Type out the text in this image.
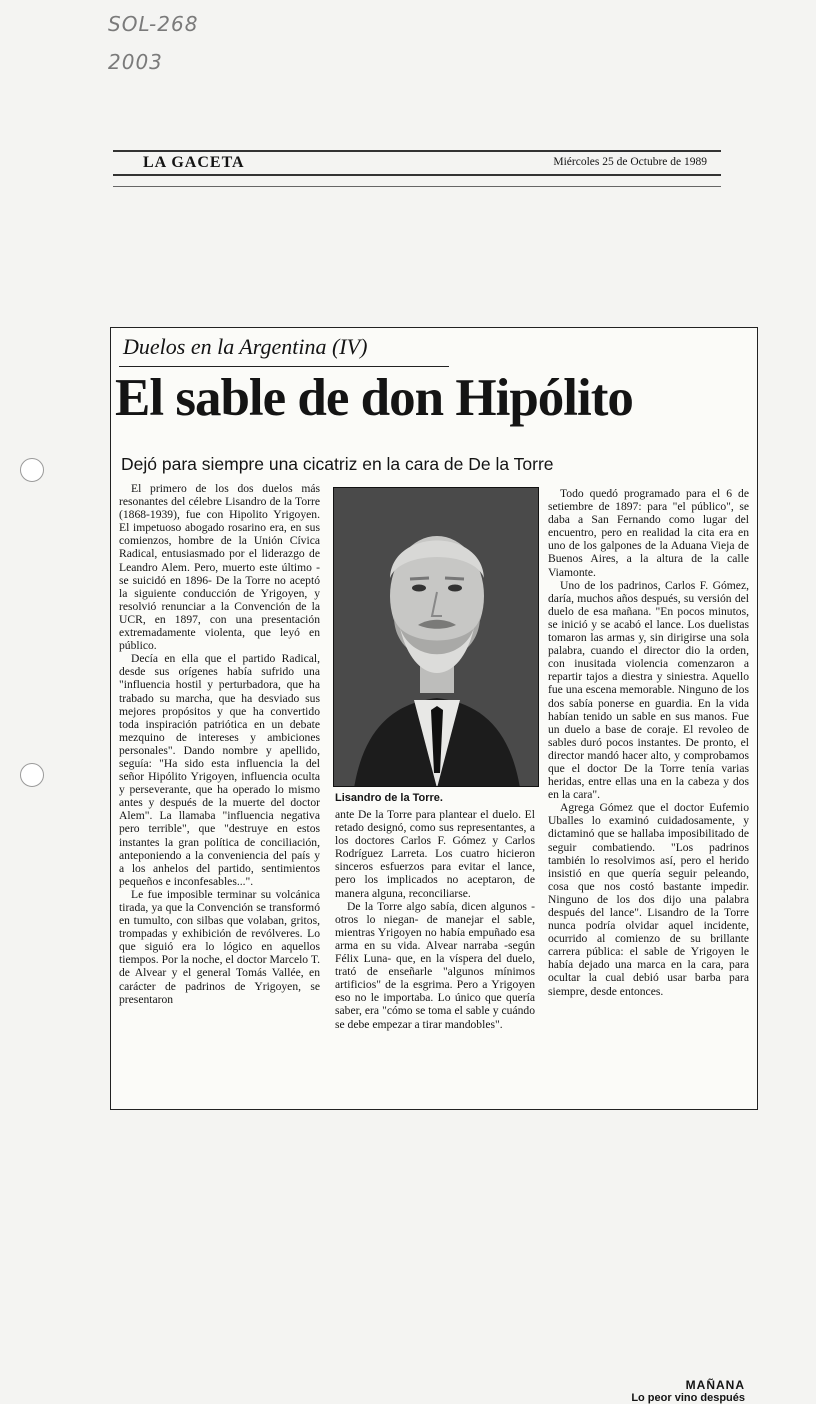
SOL-268
2003
LA GACETA	Miércoles 25 de Octubre de 1989
Duelos en la Argentina (IV)
El sable de don Hipólito
Dejó para siempre una cicatriz en la cara de De la Torre

El primero de los dos duelos más resonantes del célebre Lisandro de la Torre (1868-1939), fue con Hipolito Yrigoyen. El impetuoso abogado rosarino era, en sus comienzos, hombre de la Unión Cívica Radical, entusiasmado por el liderazgo de Leandro Alem. Pero, muerto este último -se suicidó en 1896- De la Torre no aceptó la siguiente conducción de Yrigoyen, y resolvió renunciar a la Convención de la UCR, en 1897, con una presentación extremadamente violenta, que leyó en público.

Decía en ella que el partido Radical, desde sus orígenes había sufrido una "influencia hostil y perturbadora, que ha trabado su marcha, que ha desviado sus mejores propósitos y que ha convertido toda inspiración patriótica en un debate mezquino de intereses y ambiciones personales". Dando nombre y apellido, seguía: "Ha sido esta influencia la del señor Hipólito Yrigoyen, influencia oculta y perseverante, que ha operado lo mismo antes y después de la muerte del doctor Alem". La llamaba "influencia negativa pero terrible", que "destruye en estos instantes la gran política de conciliación, anteponiendo a la conveniencia del país y a los anhelos del partido, sentimientos pequeños e inconfesables...".

Le fue imposible terminar su volcánica tirada, ya que la Convención se transformó en tumulto, con silbas que volaban, gritos, trompadas y exhibición de revólveres. Lo que siguió era lo lógico en aquellos tiempos. Por la noche, el doctor Marcelo T. de Alvear y el general Tomás Vallée, en carácter de padrinos de Yrigoyen, se presentaron

Lisandro de la Torre.

ante De la Torre para plantear el duelo. El retado designó, como sus representantes, a los doctores Carlos F. Gómez y Carlos Rodríguez Larreta. Los cuatro hicieron sinceros esfuerzos para evitar el lance, pero los implicados no aceptaron, de manera alguna, reconciliarse.

De la Torre algo sabía, dicen algunos -otros lo niegan- de manejar el sable, mientras Yrigoyen no había empuñado esa arma en su vida. Alvear narraba -según Félix Luna- que, en la víspera del duelo, trató de enseñarle "algunos mínimos artificios" de la esgrima. Pero a Yrigoyen eso no le importaba. Lo único que quería saber, era "cómo se toma el sable y cuándo se debe empezar a tirar mandobles".

Todo quedó programado para el 6 de setiembre de 1897: para "el público", se daba a San Fernando como lugar del encuentro, pero en realidad la cita era en uno de los galpones de la Aduana Vieja de Buenos Aires, a la altura de la calle Viamonte.

Uno de los padrinos, Carlos F. Gómez, daría, muchos años después, su versión del duelo de esa mañana. "En pocos minutos, se inició y se acabó el lance. Los duelistas tomaron las armas y, sin dirigirse una sola palabra, cuando el director dio la orden, con inusitada violencia comenzaron a repartir tajos a diestra y siniestra. Aquello fue una escena memorable. Ninguno de los dos sabía ponerse en guardia. En la vida habían tenido un sable en sus manos. Fue un duelo a base de coraje. El revoleo de sables duró pocos instantes. De pronto, el director mandó hacer alto, y comprobamos que el doctor De la Torre tenía varias heridas, entre ellas una en la cabeza y dos en la cara".

Agrega Gómez que el doctor Eufemio Uballes lo examinó cuidadosamente, y dictaminó que se hallaba imposibilitado de seguir combatiendo. "Los padrinos también lo resolvimos así, pero el herido insistió en que quería seguir peleando, cosa que nos costó bastante impedir. Ninguno de los dos dijo una palabra después del lance". Lisandro de la Torre nunca podría olvidar aquel incidente, ocurrido al comienzo de su brillante carrera pública: el sable de Yrigoyen le había dejado una marca en la cara, para ocultar la cual debió usar barba para siempre, desde entonces.

MAÑANA
Lo peor vino después
